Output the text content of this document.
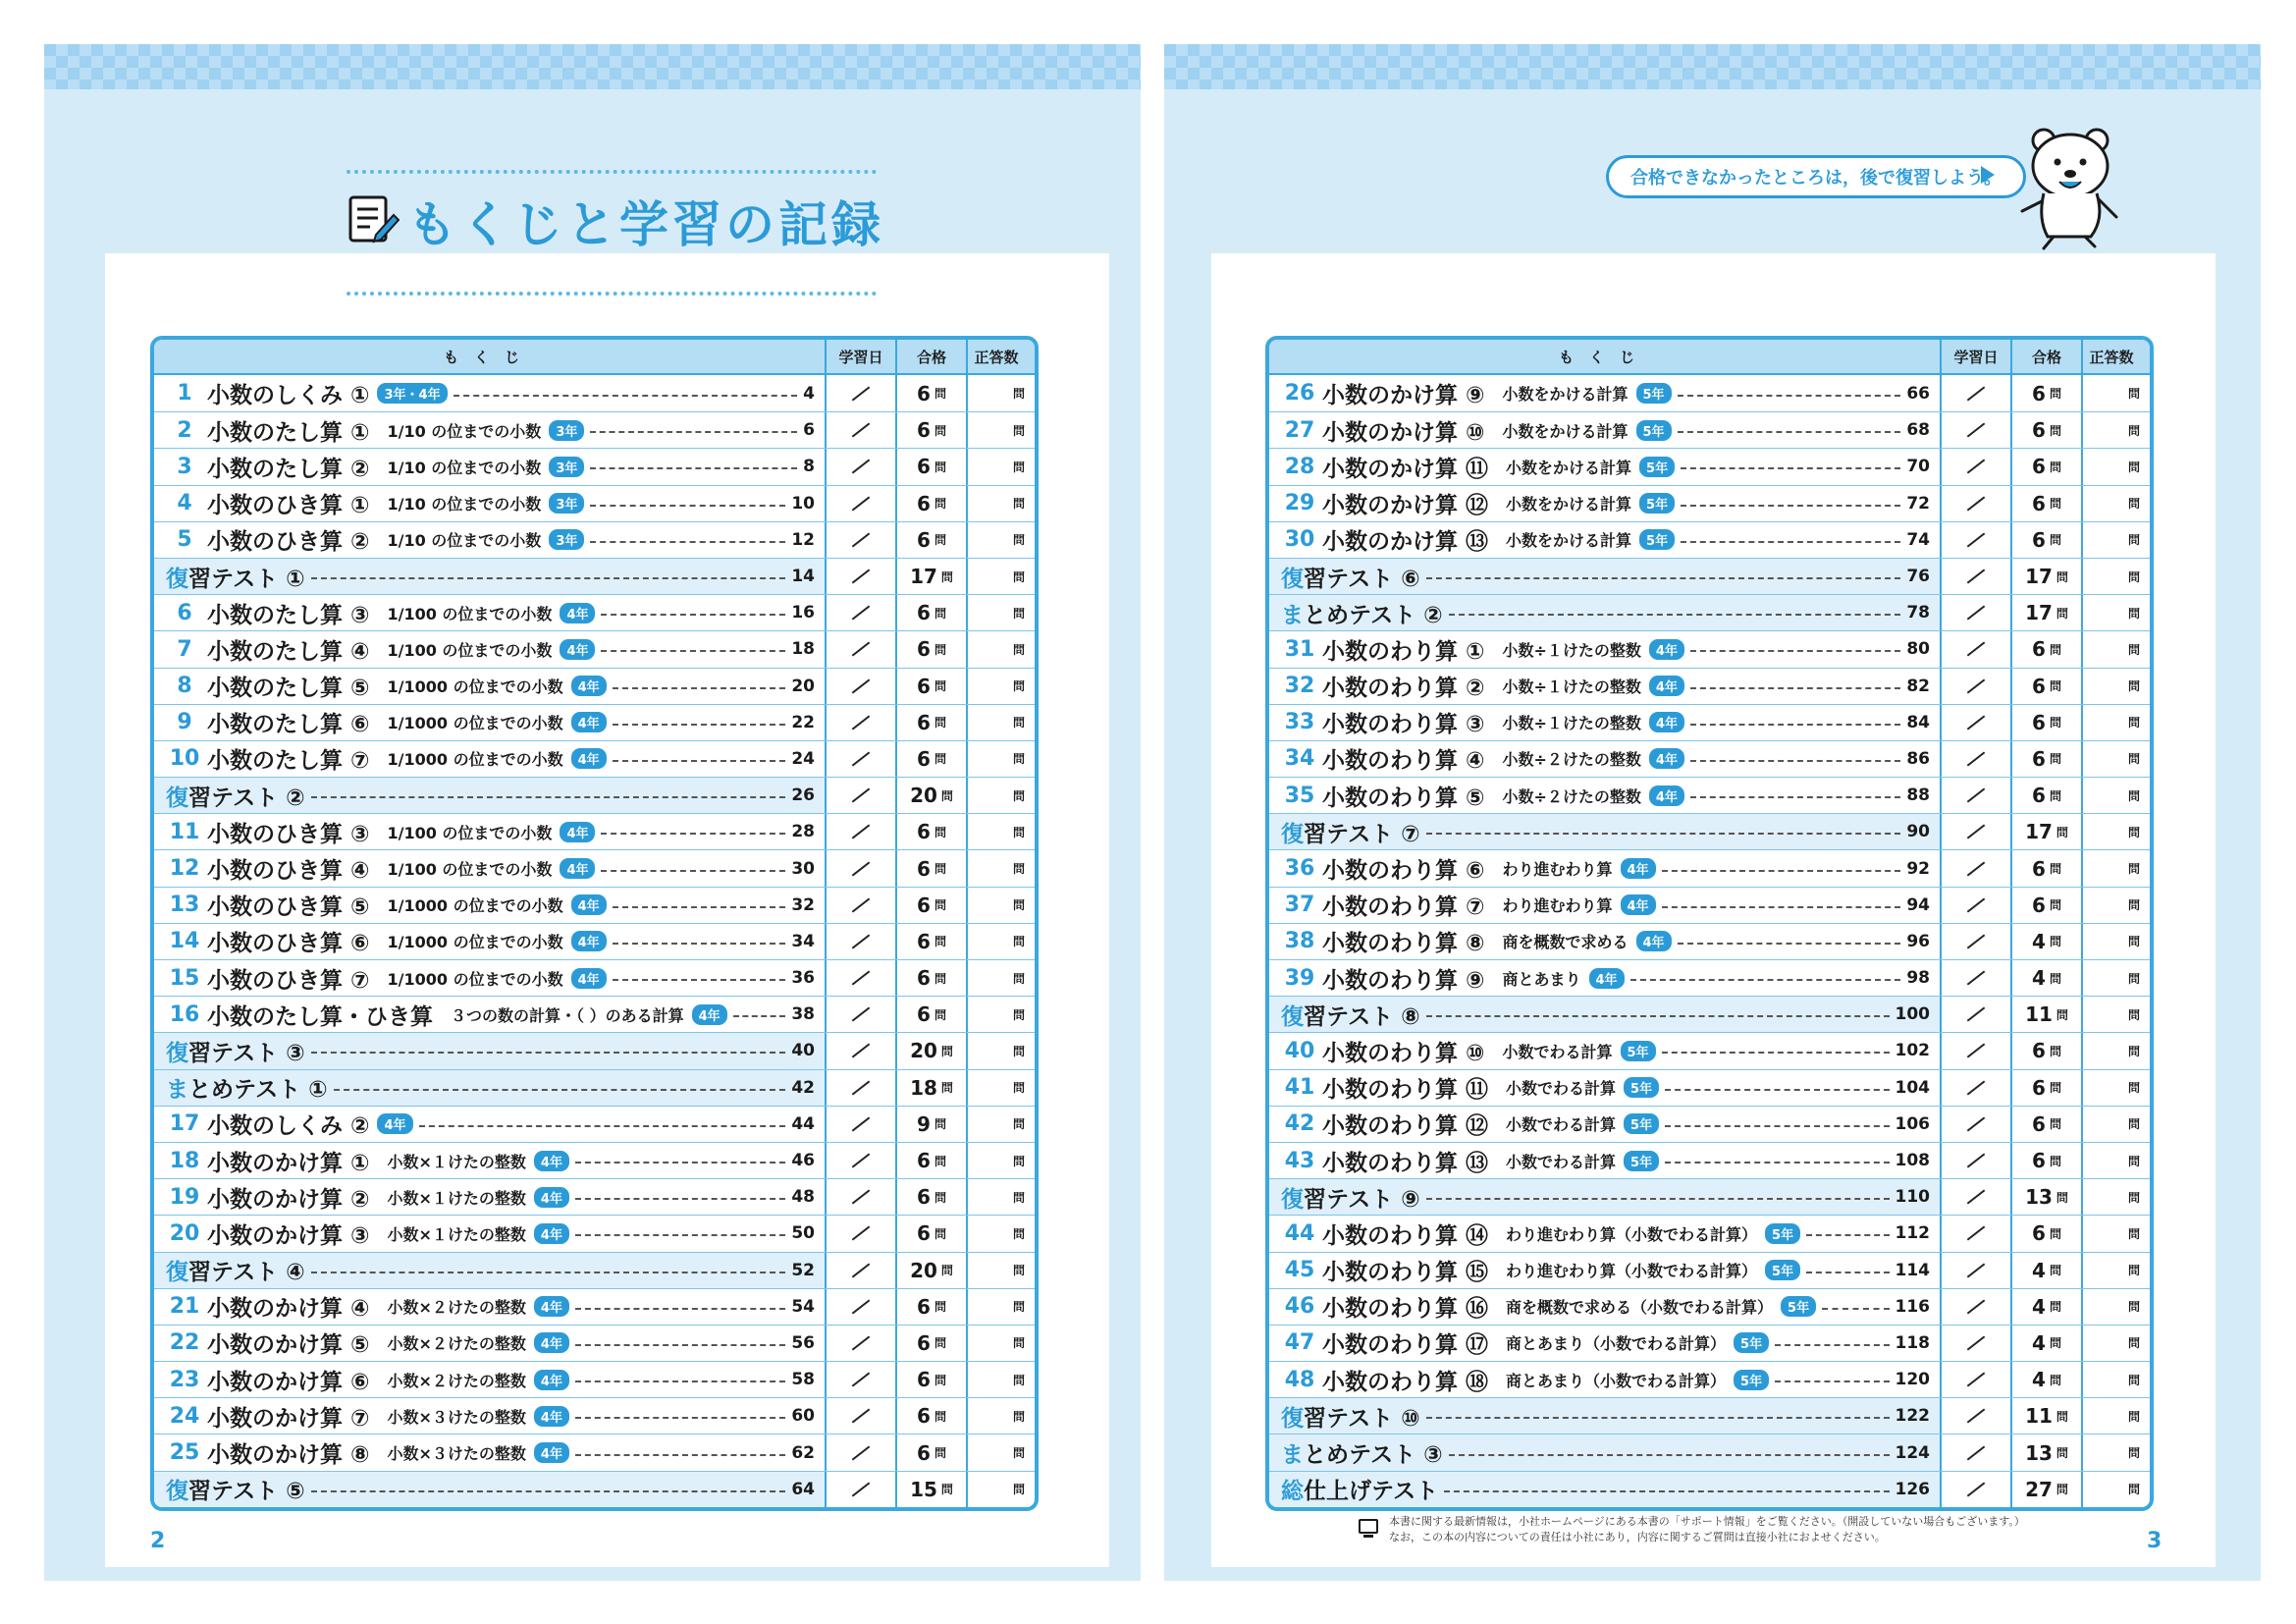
もくじと学習の記録
もくじ	学習日	合格	正答数
1 小数のしくみ ①	3年・4年	4	6 問	問
2 小数のたし算 ① 1/10 の位までの小数	3年	6	6 問	問
3 小数のたし算 ② 1/10 の位までの小数	3年	8	6 問	問
4 小数のひき算 ① 1/10 の位までの小数	3年	10	6 問	問
5 小数のひき算 ② 1/10 の位までの小数	3年	12	6 問	問
復習テスト ①	14	17 問	問
6 小数のたし算 ③ 1/100 の位までの小数	4年	16	6 問	問
7 小数のたし算 ④ 1/100 の位までの小数	4年	18	6 問	問
8 小数のたし算 ⑤ 1/1000 の位までの小数	4年	20	6 問	問
9 小数のたし算 ⑥ 1/1000 の位までの小数	4年	22	6 問	問
10 小数のたし算 ⑦ 1/1000 の位までの小数	4年	24	6 問	問
復習テスト ②	26	20 問	問
11 小数のひき算 ③ 1/100 の位までの小数	4年	28	6 問	問
12 小数のひき算 ④ 1/100 の位までの小数	4年	30	6 問	問
13 小数のひき算 ⑤ 1/1000 の位までの小数	4年	32	6 問	問
14 小数のひき算 ⑥ 1/1000 の位までの小数	4年	34	6 問	問
15 小数のひき算 ⑦ 1/1000 の位までの小数	4年	36	6 問	問
16 小数のたし算・ひき算 ３つの数の計算・（ ）のある計算	4年	38	6 問	問
復習テスト ③	40	20 問	問
まとめテスト ①	42	18 問	問
17 小数のしくみ ②	4年	44	9 問	問
18 小数のかけ算 ① 小数×１けたの整数	4年	46	6 問	問
19 小数のかけ算 ② 小数×１けたの整数	4年	48	6 問	問
20 小数のかけ算 ③ 小数×１けたの整数	4年	50	6 問	問
復習テスト ④	52	20 問	問
21 小数のかけ算 ④ 小数×２けたの整数	4年	54	6 問	問
22 小数のかけ算 ⑤ 小数×２けたの整数	4年	56	6 問	問
23 小数のかけ算 ⑥ 小数×２けたの整数	4年	58	6 問	問
24 小数のかけ算 ⑦ 小数×３けたの整数	4年	60	6 問	問
25 小数のかけ算 ⑧ 小数×３けたの整数	4年	62	6 問	問
復習テスト ⑤	64	15 問	問
2
合格できなかったところは，後で復習しよう。
もくじ	学習日	合格	正答数
26 小数のかけ算 ⑨ 小数をかける計算	5年	66	6 問	問
27 小数のかけ算 ⑩ 小数をかける計算	5年	68	6 問	問
28 小数のかけ算 ⑪ 小数をかける計算	5年	70	6 問	問
29 小数のかけ算 ⑫ 小数をかける計算	5年	72	6 問	問
30 小数のかけ算 ⑬ 小数をかける計算	5年	74	6 問	問
復習テスト ⑥	76	17 問	問
まとめテスト ②	78	17 問	問
31 小数のわり算 ① 小数÷１けたの整数	4年	80	6 問	問
32 小数のわり算 ② 小数÷１けたの整数	4年	82	6 問	問
33 小数のわり算 ③ 小数÷１けたの整数	4年	84	6 問	問
34 小数のわり算 ④ 小数÷２けたの整数	4年	86	6 問	問
35 小数のわり算 ⑤ 小数÷２けたの整数	4年	88	6 問	問
復習テスト ⑦	90	17 問	問
36 小数のわり算 ⑥ わり進むわり算	4年	92	6 問	問
37 小数のわり算 ⑦ わり進むわり算	4年	94	6 問	問
38 小数のわり算 ⑧ 商を概数で求める	4年	96	4 問	問
39 小数のわり算 ⑨ 商とあまり	4年	98	4 問	問
復習テスト ⑧	100	11 問	問
40 小数のわり算 ⑩ 小数でわる計算	5年	102	6 問	問
41 小数のわり算 ⑪ 小数でわる計算	5年	104	6 問	問
42 小数のわり算 ⑫ 小数でわる計算	5年	106	6 問	問
43 小数のわり算 ⑬ 小数でわる計算	5年	108	6 問	問
復習テスト ⑨	110	13 問	問
44 小数のわり算 ⑭ わり進むわり算（小数でわる計算）	5年	112	6 問	問
45 小数のわり算 ⑮ わり進むわり算（小数でわる計算）	5年	114	4 問	問
46 小数のわり算 ⑯ 商を概数で求める（小数でわる計算）	5年	116	4 問	問
47 小数のわり算 ⑰ 商とあまり（小数でわる計算）	5年	118	4 問	問
48 小数のわり算 ⑱ 商とあまり（小数でわる計算）	5年	120	4 問	問
復習テスト ⑩	122	11 問	問
まとめテスト ③	124	13 問	問
総仕上げテスト	126	27 問	問
本書に関する最新情報は，小社ホームページにある本書の「サポート情報」をご覧ください。（開設していない場合もございます。）
なお，この本の内容についての責任は小社にあり，内容に関するご質問は直接小社におよせください。	3
